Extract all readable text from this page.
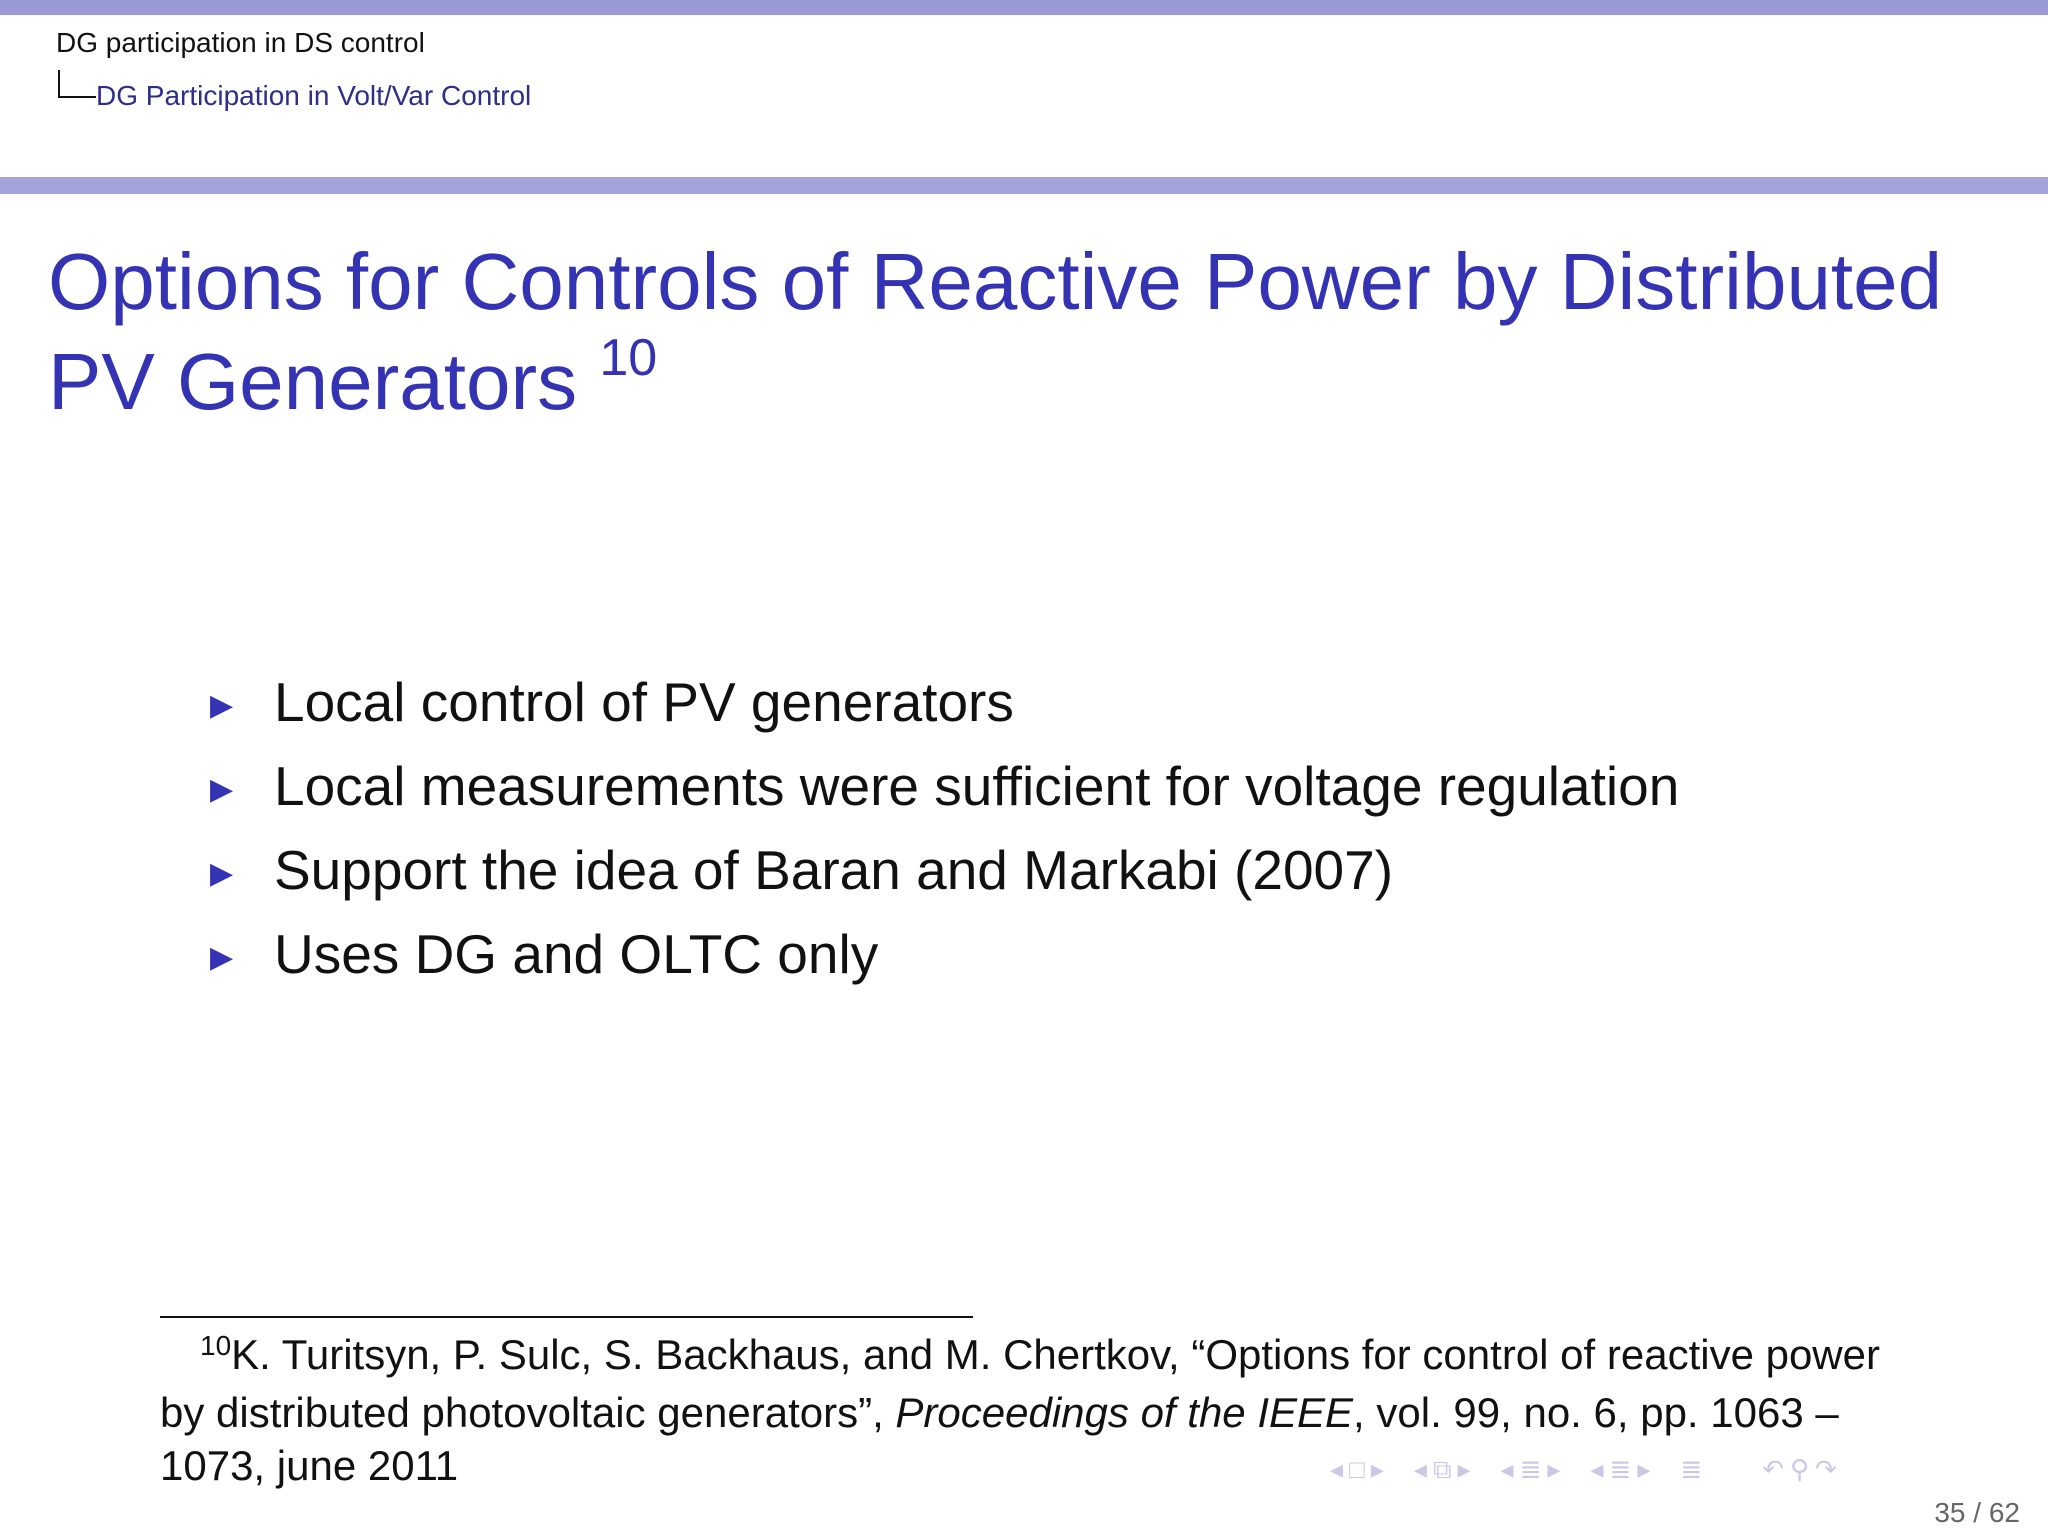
DG participation in DS control
DG Participation in Volt/Var Control
Options for Controls of Reactive Power by Distributed PV Generators $^{10}$
▶ Local control of PV generators
▶ Local measurements were sufficient for voltage regulation
▶ Support the idea of Baran and Markabi (2007)
▶ Uses DG and OLTC only
$^{10}$K. Turitsyn, P. Sulc, S. Backhaus, and M. Chertkov, “Options for control of reactive power by distributed photovoltaic generators”, Proceedings of the IEEE, vol. 99, no. 6, pp. 1063 –1073, june 2011	◂ □ ▸ ◂ ⧉ ▸ ◂ ≣ ▸ ◂ ≣ ▸ ≣ ↶ ⚲ ↷
35 / 62
